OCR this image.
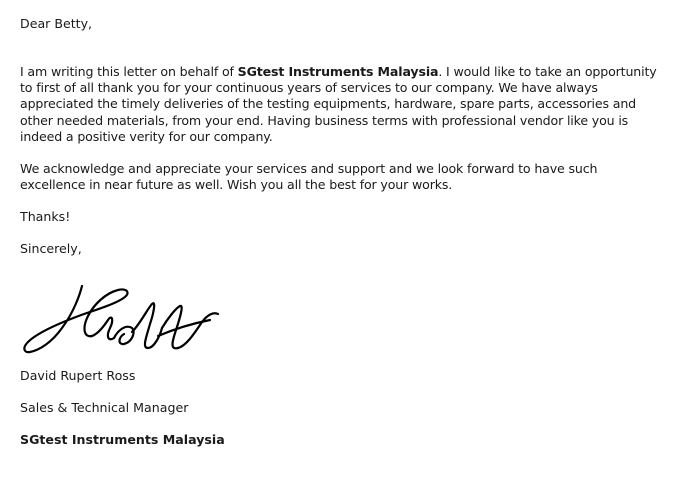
Dear Betty,

I am writing this letter on behalf of SGtest Instruments Malaysia. I would like to take an opportunity to first of all thank you for your continuous years of services to our company. We have always appreciated the timely deliveries of the testing equipments, hardware, spare parts, accessories and other needed materials, from your end. Having business terms with professional vendor like you is indeed a positive verity for our company.

We acknowledge and appreciate your services and support and we look forward to have such excellence in near future as well. Wish you all the best for your works.

Thanks!
Sincerely,
David Rupert Ross
Sales & Technical Manager
SGtest Instruments Malaysia
